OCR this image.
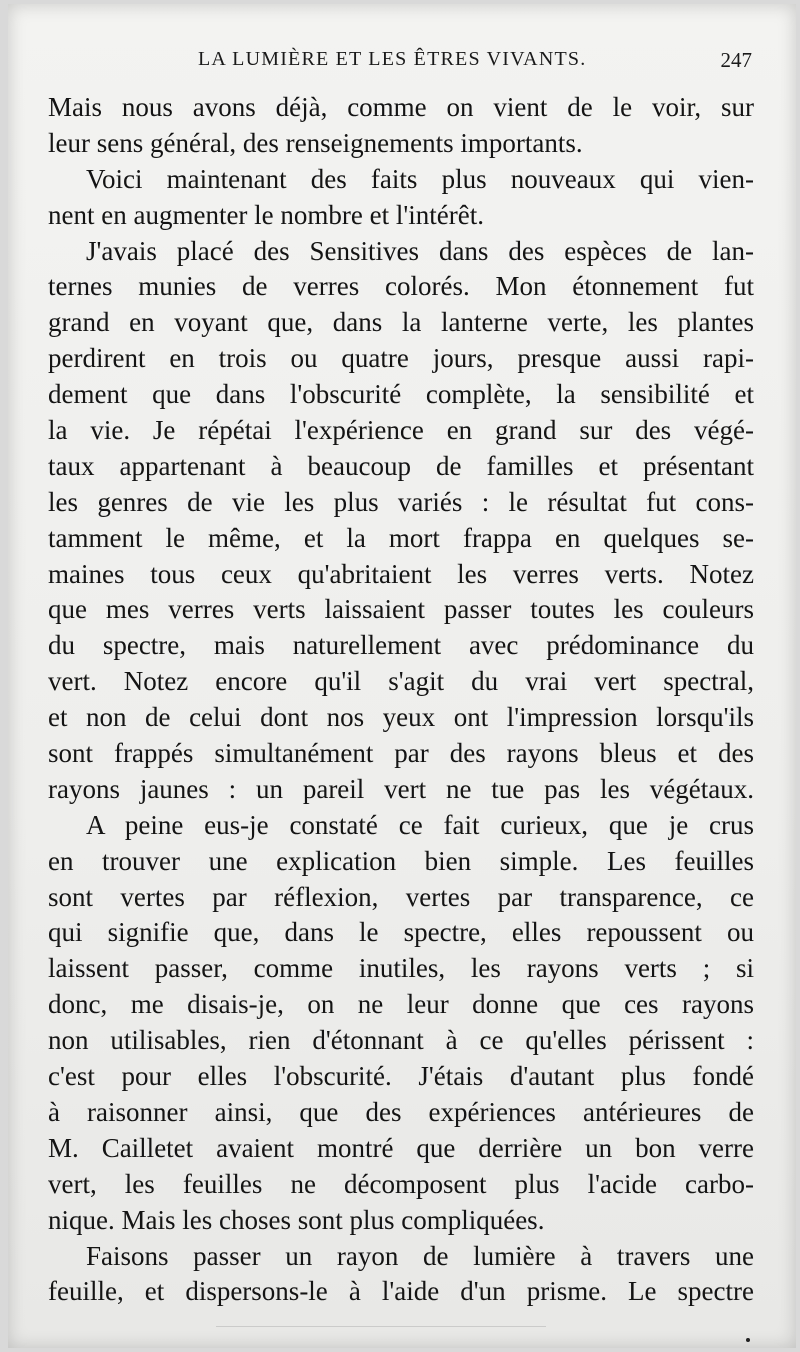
LA LUMIÈRE ET LES ÊTRES VIVANTS.	247
Mais nous avons déjà, comme on vient de le voir, sur
leur sens général, des renseignements importants.
Voici maintenant des faits plus nouveaux qui vien-
nent en augmenter le nombre et l'intérêt.
J'avais placé des Sensitives dans des espèces de lan-
ternes munies de verres colorés. Mon étonnement fut
grand en voyant que, dans la lanterne verte, les plantes
perdirent en trois ou quatre jours, presque aussi rapi-
dement que dans l'obscurité complète, la sensibilité et
la vie. Je répétai l'expérience en grand sur des végé-
taux appartenant à beaucoup de familles et présentant
les genres de vie les plus variés : le résultat fut cons-
tamment le même, et la mort frappa en quelques se-
maines tous ceux qu'abritaient les verres verts. Notez
que mes verres verts laissaient passer toutes les couleurs
du spectre, mais naturellement avec prédominance du
vert. Notez encore qu'il s'agit du vrai vert spectral,
et non de celui dont nos yeux ont l'impression lorsqu'ils
sont frappés simultanément par des rayons bleus et des
rayons jaunes : un pareil vert ne tue pas les végétaux.
A peine eus-je constaté ce fait curieux, que je crus
en trouver une explication bien simple. Les feuilles
sont vertes par réflexion, vertes par transparence, ce
qui signifie que, dans le spectre, elles repoussent ou
laissent passer, comme inutiles, les rayons verts ; si
donc, me disais-je, on ne leur donne que ces rayons
non utilisables, rien d'étonnant à ce qu'elles périssent :
c'est pour elles l'obscurité. J'étais d'autant plus fondé
à raisonner ainsi, que des expériences antérieures de
M. Cailletet avaient montré que derrière un bon verre
vert, les feuilles ne décomposent plus l'acide carbo-
nique. Mais les choses sont plus compliquées.
Faisons passer un rayon de lumière à travers une
feuille, et dispersons-le à l'aide d'un prisme. Le spectre
